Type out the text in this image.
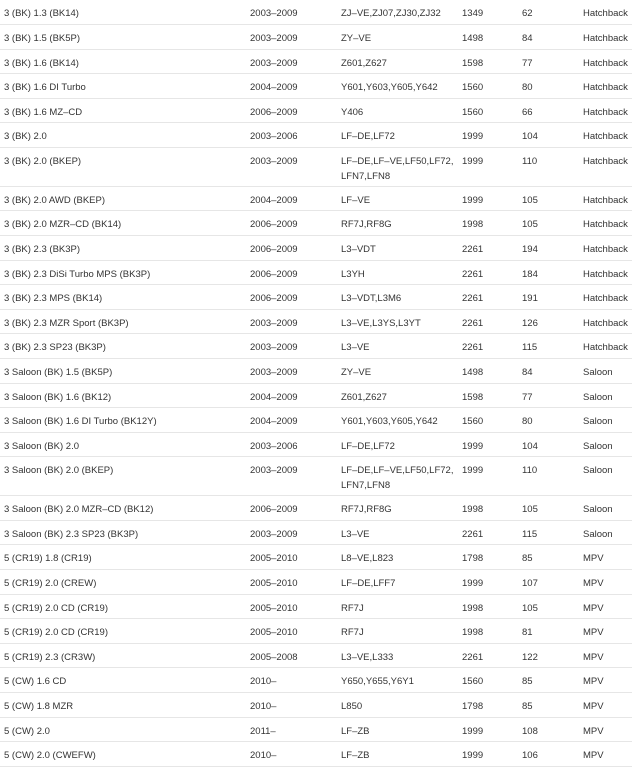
3 (BK) 1.3 (BK14)	2003–2009	ZJ–VE,ZJ07,ZJ30,ZJ32	1349	62	Hatchback
3 (BK) 1.5 (BK5P)	2003–2009	ZY–VE	1498	84	Hatchback
3 (BK) 1.6 (BK14)	2003–2009	Z601,Z627	1598	77	Hatchback
3 (BK) 1.6 DI Turbo	2004–2009	Y601,Y603,Y605,Y642	1560	80	Hatchback
3 (BK) 1.6 MZ–CD	2006–2009	Y406	1560	66	Hatchback
3 (BK) 2.0	2003–2006	LF–DE,LF72	1999	104	Hatchback
3 (BK) 2.0 (BKEP)	2003–2009	LF–DE,LF–VE,LF50,LF72,LFN7,LFN8	1999	110	Hatchback
3 (BK) 2.0 AWD (BKEP)	2004–2009	LF–VE	1999	105	Hatchback
3 (BK) 2.0 MZR–CD (BK14)	2006–2009	RF7J,RF8G	1998	105	Hatchback
3 (BK) 2.3 (BK3P)	2006–2009	L3–VDT	2261	194	Hatchback
3 (BK) 2.3 DiSi Turbo MPS (BK3P)	2006–2009	L3YH	2261	184	Hatchback
3 (BK) 2.3 MPS (BK14)	2006–2009	L3–VDT,L3M6	2261	191	Hatchback
3 (BK) 2.3 MZR Sport (BK3P)	2003–2009	L3–VE,L3YS,L3YT	2261	126	Hatchback
3 (BK) 2.3 SP23 (BK3P)	2003–2009	L3–VE	2261	115	Hatchback
3 Saloon (BK) 1.5 (BK5P)	2003–2009	ZY–VE	1498	84	Saloon
3 Saloon (BK) 1.6 (BK12)	2004–2009	Z601,Z627	1598	77	Saloon
3 Saloon (BK) 1.6 DI Turbo (BK12Y)	2004–2009	Y601,Y603,Y605,Y642	1560	80	Saloon
3 Saloon (BK) 2.0	2003–2006	LF–DE,LF72	1999	104	Saloon
3 Saloon (BK) 2.0 (BKEP)	2003–2009	LF–DE,LF–VE,LF50,LF72,LFN7,LFN8	1999	110	Saloon
3 Saloon (BK) 2.0 MZR–CD (BK12)	2006–2009	RF7J,RF8G	1998	105	Saloon
3 Saloon (BK) 2.3 SP23 (BK3P)	2003–2009	L3–VE	2261	115	Saloon
5 (CR19) 1.8 (CR19)	2005–2010	L8–VE,L823	1798	85	MPV
5 (CR19) 2.0 (CREW)	2005–2010	LF–DE,LFF7	1999	107	MPV
5 (CR19) 2.0 CD (CR19)	2005–2010	RF7J	1998	105	MPV
5 (CR19) 2.0 CD (CR19)	2005–2010	RF7J	1998	81	MPV
5 (CR19) 2.3 (CR3W)	2005–2008	L3–VE,L333	2261	122	MPV
5 (CW) 1.6 CD	2010–	Y650,Y655,Y6Y1	1560	85	MPV
5 (CW) 1.8 MZR	2010–	L850	1798	85	MPV
5 (CW) 2.0	2011–	LF–ZB	1999	108	MPV
5 (CW) 2.0 (CWEFW)	2010–	LF–ZB	1999	106	MPV
